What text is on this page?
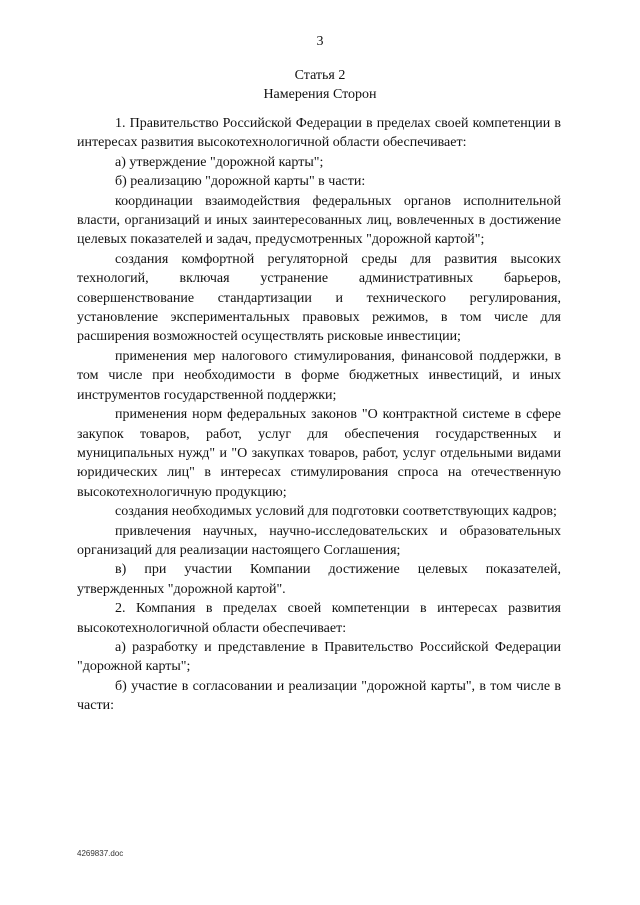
3
Статья 2
Намерения Сторон

1. Правительство Российской Федерации в пределах своей компетенции в интересах развития высокотехнологичной области обеспечивает:

а) утверждение "дорожной карты";

б) реализацию "дорожной карты" в части:

координации взаимодействия федеральных органов исполнительной власти, организаций и иных заинтересованных лиц, вовлеченных в достижение целевых показателей и задач, предусмотренных "дорожной картой";

создания комфортной регуляторной среды для развития высоких технологий, включая устранение административных барьеров, совершенствование стандартизации и технического регулирования, установление экспериментальных правовых режимов, в том числе для расширения возможностей осуществлять рисковые инвестиции;

применения мер налогового стимулирования, финансовой поддержки, в том числе при необходимости в форме бюджетных инвестиций, и иных инструментов государственной поддержки;

применения норм федеральных законов "О контрактной системе в сфере закупок товаров, работ, услуг для обеспечения государственных и муниципальных нужд" и "О закупках товаров, работ, услуг отдельными видами юридических лиц" в интересах стимулирования спроса на отечественную высокотехнологичную продукцию;

создания необходимых условий для подготовки соответствующих кадров;

привлечения научных, научно-исследовательских и образовательных организаций для реализации настоящего Соглашения;

в) при участии Компании достижение целевых показателей, утвержденных "дорожной картой".

2. Компания в пределах своей компетенции в интересах развития высокотехнологичной области обеспечивает:

а) разработку и представление в Правительство Российской Федерации "дорожной карты";

б) участие в согласовании и реализации "дорожной карты", в том числе в части:

4269837.doc
